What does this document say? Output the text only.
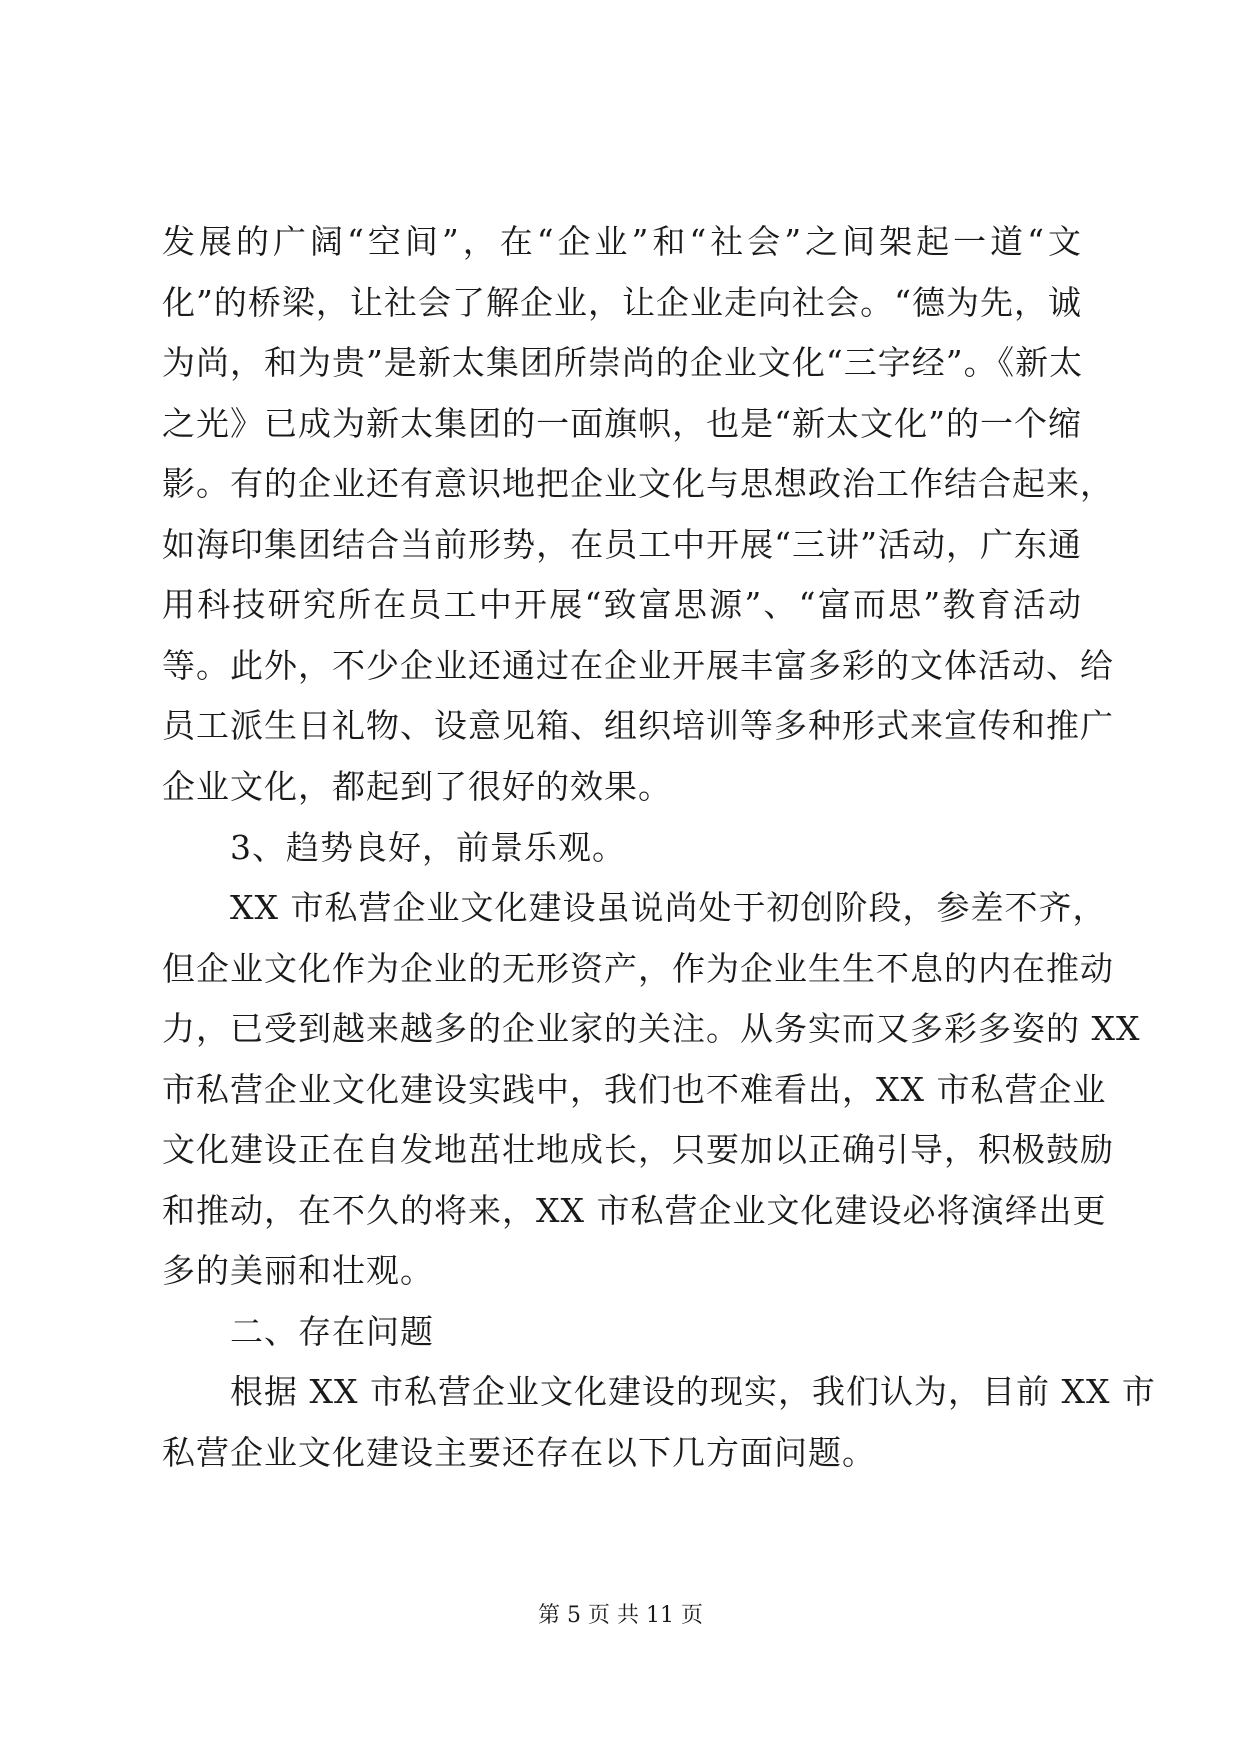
发展的广阔“空间”，在“企业”和“社会”之间架起一道“文
化”的桥梁，让社会了解企业，让企业走向社会。“德为先，诚
为尚，和为贵”是新太集团所崇尚的企业文化“三字经”。《新太
之光》已成为新太集团的一面旗帜，也是“新太文化”的一个缩
影。有的企业还有意识地把企业文化与思想政治工作结合起来，
如海印集团结合当前形势，在员工中开展“三讲”活动，广东通
用科技研究所在员工中开展“致富思源”、“富而思”教育活动
等。此外，不少企业还通过在企业开展丰富多彩的文体活动、给
员工派生日礼物、设意见箱、组织培训等多种形式来宣传和推广
企业文化，都起到了很好的效果。
3、趋势良好，前景乐观。
XX 市私营企业文化建设虽说尚处于初创阶段，参差不齐，
但企业文化作为企业的无形资产，作为企业生生不息的内在推动
力，已受到越来越多的企业家的关注。从务实而又多彩多姿的 XX
市私营企业文化建设实践中，我们也不难看出，XX 市私营企业
文化建设正在自发地茁壮地成长，只要加以正确引导，积极鼓励
和推动，在不久的将来，XX 市私营企业文化建设必将演绎出更
多的美丽和壮观。
二、存在问题
根据 XX 市私营企业文化建设的现实，我们认为，目前 XX 市
私营企业文化建设主要还存在以下几方面问题。
第 5 页 共 11 页
